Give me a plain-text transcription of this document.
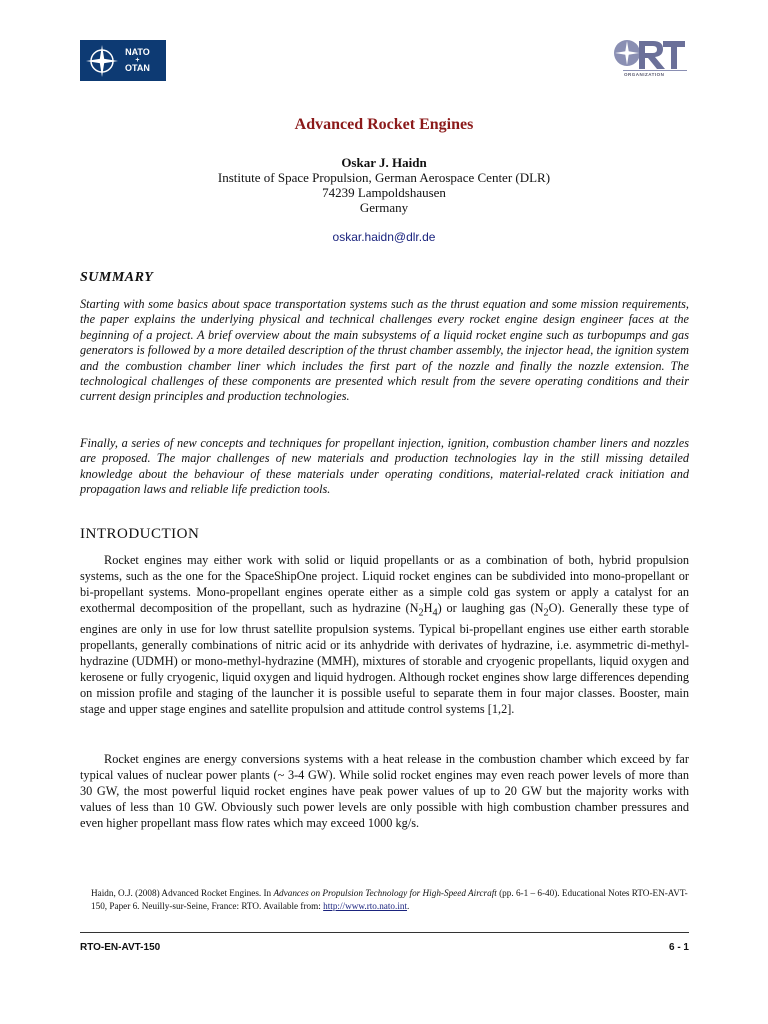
NATO
+
OTAN
ORGANIZATION
Advanced Rocket Engines
Oskar J. Haidn
Institute of Space Propulsion, German Aerospace Center (DLR)
74239 Lampoldshausen
Germany
oskar.haidn@dlr.de
SUMMARY

Starting with some basics about space transportation systems such as the thrust equation and some mission requirements, the paper explains the underlying physical and technical challenges every rocket engine design engineer faces at the beginning of a project. A brief overview about the main subsystems of a liquid rocket engine such as turbopumps and gas generators is followed by a more detailed description of the thrust chamber assembly, the injector head, the ignition system and the combustion chamber liner which includes the first part of the nozzle and finally the nozzle extension. The technological challenges of these components are presented which result from the severe operating conditions and their current design principles and production technologies.

Finally, a series of new concepts and techniques for propellant injection, ignition, combustion chamber liners and nozzles are proposed. The major challenges of new materials and production technologies lay in the still missing detailed knowledge about the behaviour of these materials under operating conditions, material-related crack initiation and propagation laws and reliable life prediction tools.

INTRODUCTION

Rocket engines may either work with solid or liquid propellants or as a combination of both, hybrid propulsion systems, such as the one for the SpaceShipOne project. Liquid rocket engines can be subdivided into mono-propellant or bi-propellant systems. Mono-propellant engines operate either as a simple cold gas system or apply a catalyst for an exothermal decomposition of the propellant, such as hydrazine $(N_2H_4)$ or laughing gas $(N_2O)$. Generally these type of engines are only in use for low thrust satellite propulsion systems. Typical bi-propellant engines use either earth storable propellants, generally combinations of nitric acid or its anhydride with derivates of hydrazine, i.e. asymmetric di-methyl-hydrazine (UDMH) or mono-methyl-hydrazine (MMH), mixtures of storable and cryogenic propellants, liquid oxygen and kerosene or fully cryogenic, liquid oxygen and liquid hydrogen. Although rocket engines show large differences depending on mission profile and staging of the launcher it is possible useful to separate them in four major classes. Booster, main stage and upper stage engines and satellite propulsion and attitude control systems [1,2].

Rocket engines are energy conversions systems with a heat release in the combustion chamber which exceed by far typical values of nuclear power plants (~ 3-4 GW). While solid rocket engines may even reach power levels of more than 30 GW, the most powerful liquid rocket engines have peak power values of up to 20 GW but the majority works with values of less than 10 GW. Obviously such power levels are only possible with high combustion chamber pressures and even higher propellant mass flow rates which may exceed 1000 kg/s.

Haidn, O.J. (2008) Advanced Rocket Engines. In Advances on Propulsion Technology for High-Speed Aircraft (pp. 6-1 – 6-40). Educational Notes RTO-EN-AVT-150, Paper 6. Neuilly-sur-Seine, France: RTO. Available from: http://www.rto.nato.int.

RTO-EN-AVT-150	6 - 1
